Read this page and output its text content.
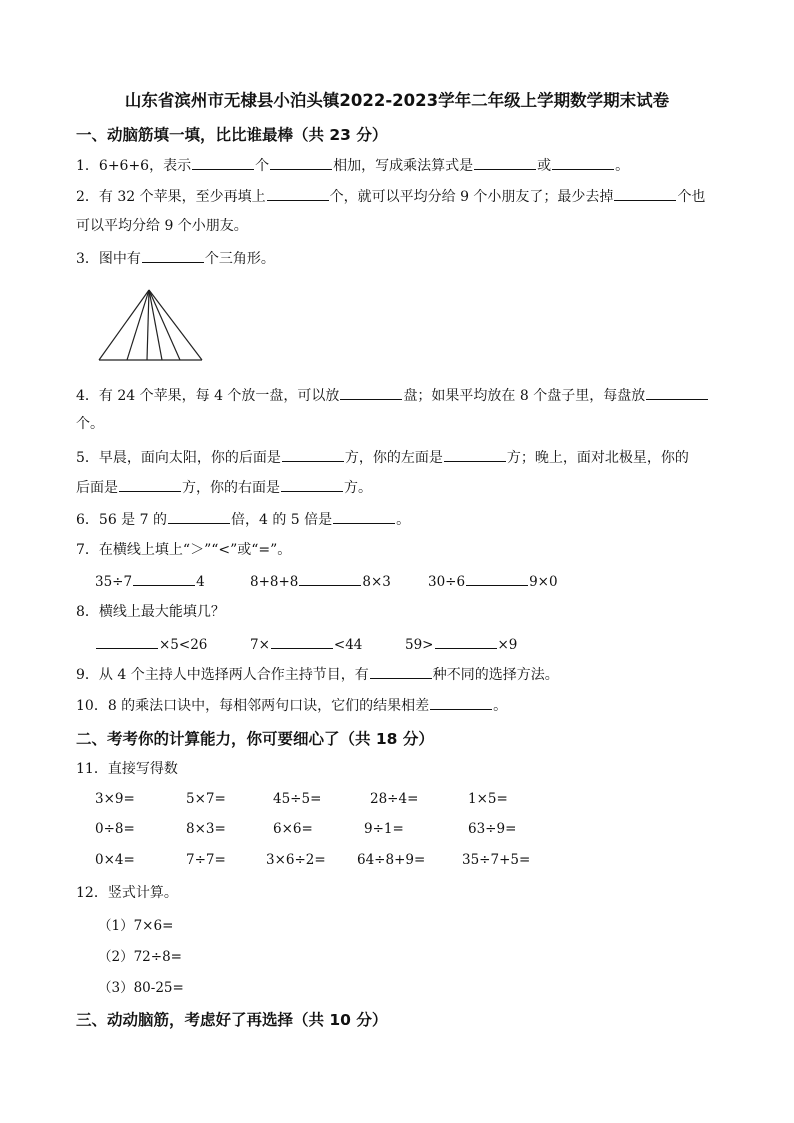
山东省滨州市无棣县小泊头镇2022-2023学年二年级上学期数学期末试卷
一、动脑筋填一填，比比谁最棒（共 23 分）
1．6+6+6，表示	个	相加，写成乘法算式是	或	。
2．有 32 个苹果，至少再填上	个，就可以平均分给 9 个小朋友了；最少去掉	个也
可以平均分给 9 个小朋友。
3．图中有	个三角形。
4．有 24 个苹果，每 4 个放一盘，可以放	盘；如果平均放在 8 个盘子里，每盘放
个。
5．早晨，面向太阳，你的后面是	方，你的左面是	方；晚上，面对北极星，你的
后面是	方，你的右面是	方。
6．56 是 7 的	倍，4 的 5 倍是	。
7．在横线上填上“＞”“<”或“=”。
35÷7	4	8+8+8	8×3	30÷6	9×0
8．横线上最大能填几？
×5<26	7×	<44	59>	×9
9．从 4 个主持人中选择两人合作主持节目，有	种不同的选择方法。
10．8 的乘法口诀中，每相邻两句口诀，它们的结果相差	。
二、考考你的计算能力，你可要细心了（共 18 分）
11．直接写得数
3×9=	5×7=	45÷5=	28÷4=	1×5=
0÷8=	8×3=	6×6=	9÷1=	63÷9=
0×4=	7÷7=	3×6÷2= 64÷8+9=	35÷7+5=
12．竖式计算。
（1）7×6=
（2）72÷8=
（3）80-25=
三、动动脑筋，考虑好了再选择（共 10 分）
